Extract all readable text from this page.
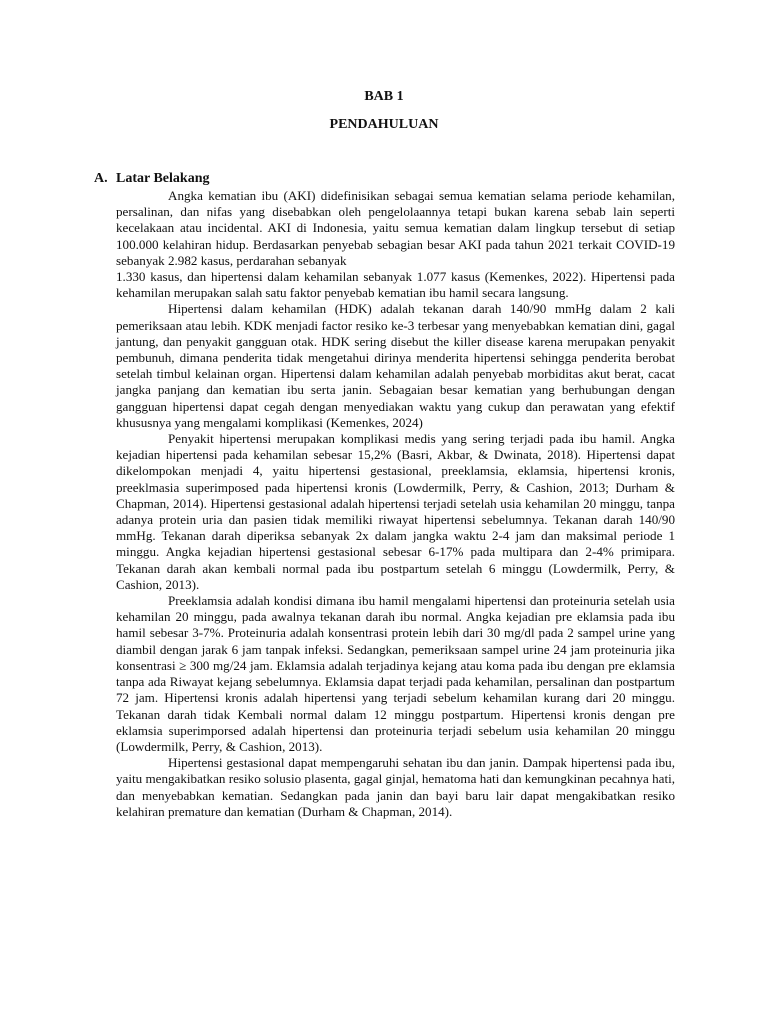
BAB 1
PENDAHULUAN
A. Latar Belakang

Angka kematian ibu (AKI) didefinisikan sebagai semua kematian selama periode kehamilan, persalinan, dan nifas yang disebabkan oleh pengelolaannya tetapi bukan karena sebab lain seperti kecelakaan atau incidental. AKI di Indonesia, yaitu semua kematian dalam lingkup tersebut di setiap 100.000 kelahiran hidup. Berdasarkan penyebab sebagian besar AKI pada tahun 2021 terkait COVID-19 sebanyak 2.982 kasus, perdarahan sebanyak

1.330 kasus, dan hipertensi dalam kehamilan sebanyak 1.077 kasus (Kemenkes, 2022). Hipertensi pada kehamilan merupakan salah satu faktor penyebab kematian ibu hamil secara langsung.

Hipertensi dalam kehamilan (HDK) adalah tekanan darah 140/90 mmHg dalam 2 kali pemeriksaan atau lebih. KDK menjadi factor resiko ke-3 terbesar yang menyebabkan kematian dini, gagal jantung, dan penyakit gangguan otak. HDK sering disebut the killer disease karena merupakan penyakit pembunuh, dimana penderita tidak mengetahui dirinya menderita hipertensi sehingga penderita berobat setelah timbul kelainan organ. Hipertensi dalam kehamilan adalah penyebab morbiditas akut berat, cacat jangka panjang dan kematian ibu serta janin. Sebagaian besar kematian yang berhubungan dengan gangguan hipertensi dapat cegah dengan menyediakan waktu yang cukup dan perawatan yang efektif khususnya yang mengalami komplikasi (Kemenkes, 2024)

Penyakit hipertensi merupakan komplikasi medis yang sering terjadi pada ibu hamil. Angka kejadian hipertensi pada kehamilan sebesar 15,2% (Basri, Akbar, & Dwinata, 2018). Hipertensi dapat dikelompokan menjadi 4, yaitu hipertensi gestasional, preeklamsia, eklamsia, hipertensi kronis, preeklmasia superimposed pada hipertensi kronis (Lowdermilk, Perry, & Cashion, 2013; Durham & Chapman, 2014). Hipertensi gestasional adalah hipertensi terjadi setelah usia kehamilan 20 minggu, tanpa adanya protein uria dan pasien tidak memiliki riwayat hipertensi sebelumnya. Tekanan darah 140/90 mmHg. Tekanan darah diperiksa sebanyak 2x dalam jangka waktu 2-4 jam dan maksimal periode 1 minggu. Angka kejadian hipertensi gestasional sebesar 6-17% pada multipara dan 2-4% primipara. Tekanan darah akan kembali normal pada ibu postpartum setelah 6 minggu (Lowdermilk, Perry, & Cashion, 2013).

Preeklamsia adalah kondisi dimana ibu hamil mengalami hipertensi dan proteinuria setelah usia kehamilan 20 minggu, pada awalnya tekanan darah ibu normal. Angka kejadian pre eklamsia pada ibu hamil sebesar 3-7%. Proteinuria adalah konsentrasi protein lebih dari 30 mg/dl pada 2 sampel urine yang diambil dengan jarak 6 jam tanpak infeksi. Sedangkan, pemeriksaan sampel urine 24 jam proteinuria jika konsentrasi ≥ 300 mg/24 jam. Eklamsia adalah terjadinya kejang atau koma pada ibu dengan pre eklamsia tanpa ada Riwayat kejang sebelumnya. Eklamsia dapat terjadi pada kehamilan, persalinan dan postpartum 72 jam. Hipertensi kronis adalah hipertensi yang terjadi sebelum kehamilan kurang dari 20 minggu. Tekanan darah tidak Kembali normal dalam 12 minggu postpartum. Hipertensi kronis dengan pre eklamsia superimporsed adalah hipertensi dan proteinuria terjadi sebelum usia kehamilan 20 minggu (Lowdermilk, Perry, & Cashion, 2013).

Hipertensi gestasional dapat mempengaruhi sehatan ibu dan janin. Dampak hipertensi pada ibu, yaitu mengakibatkan resiko solusio plasenta, gagal ginjal, hematoma hati dan kemungkinan pecahnya hati, dan menyebabkan kematian. Sedangkan pada janin dan bayi baru lair dapat mengakibatkan resiko kelahiran premature dan kematian (Durham & Chapman, 2014).
